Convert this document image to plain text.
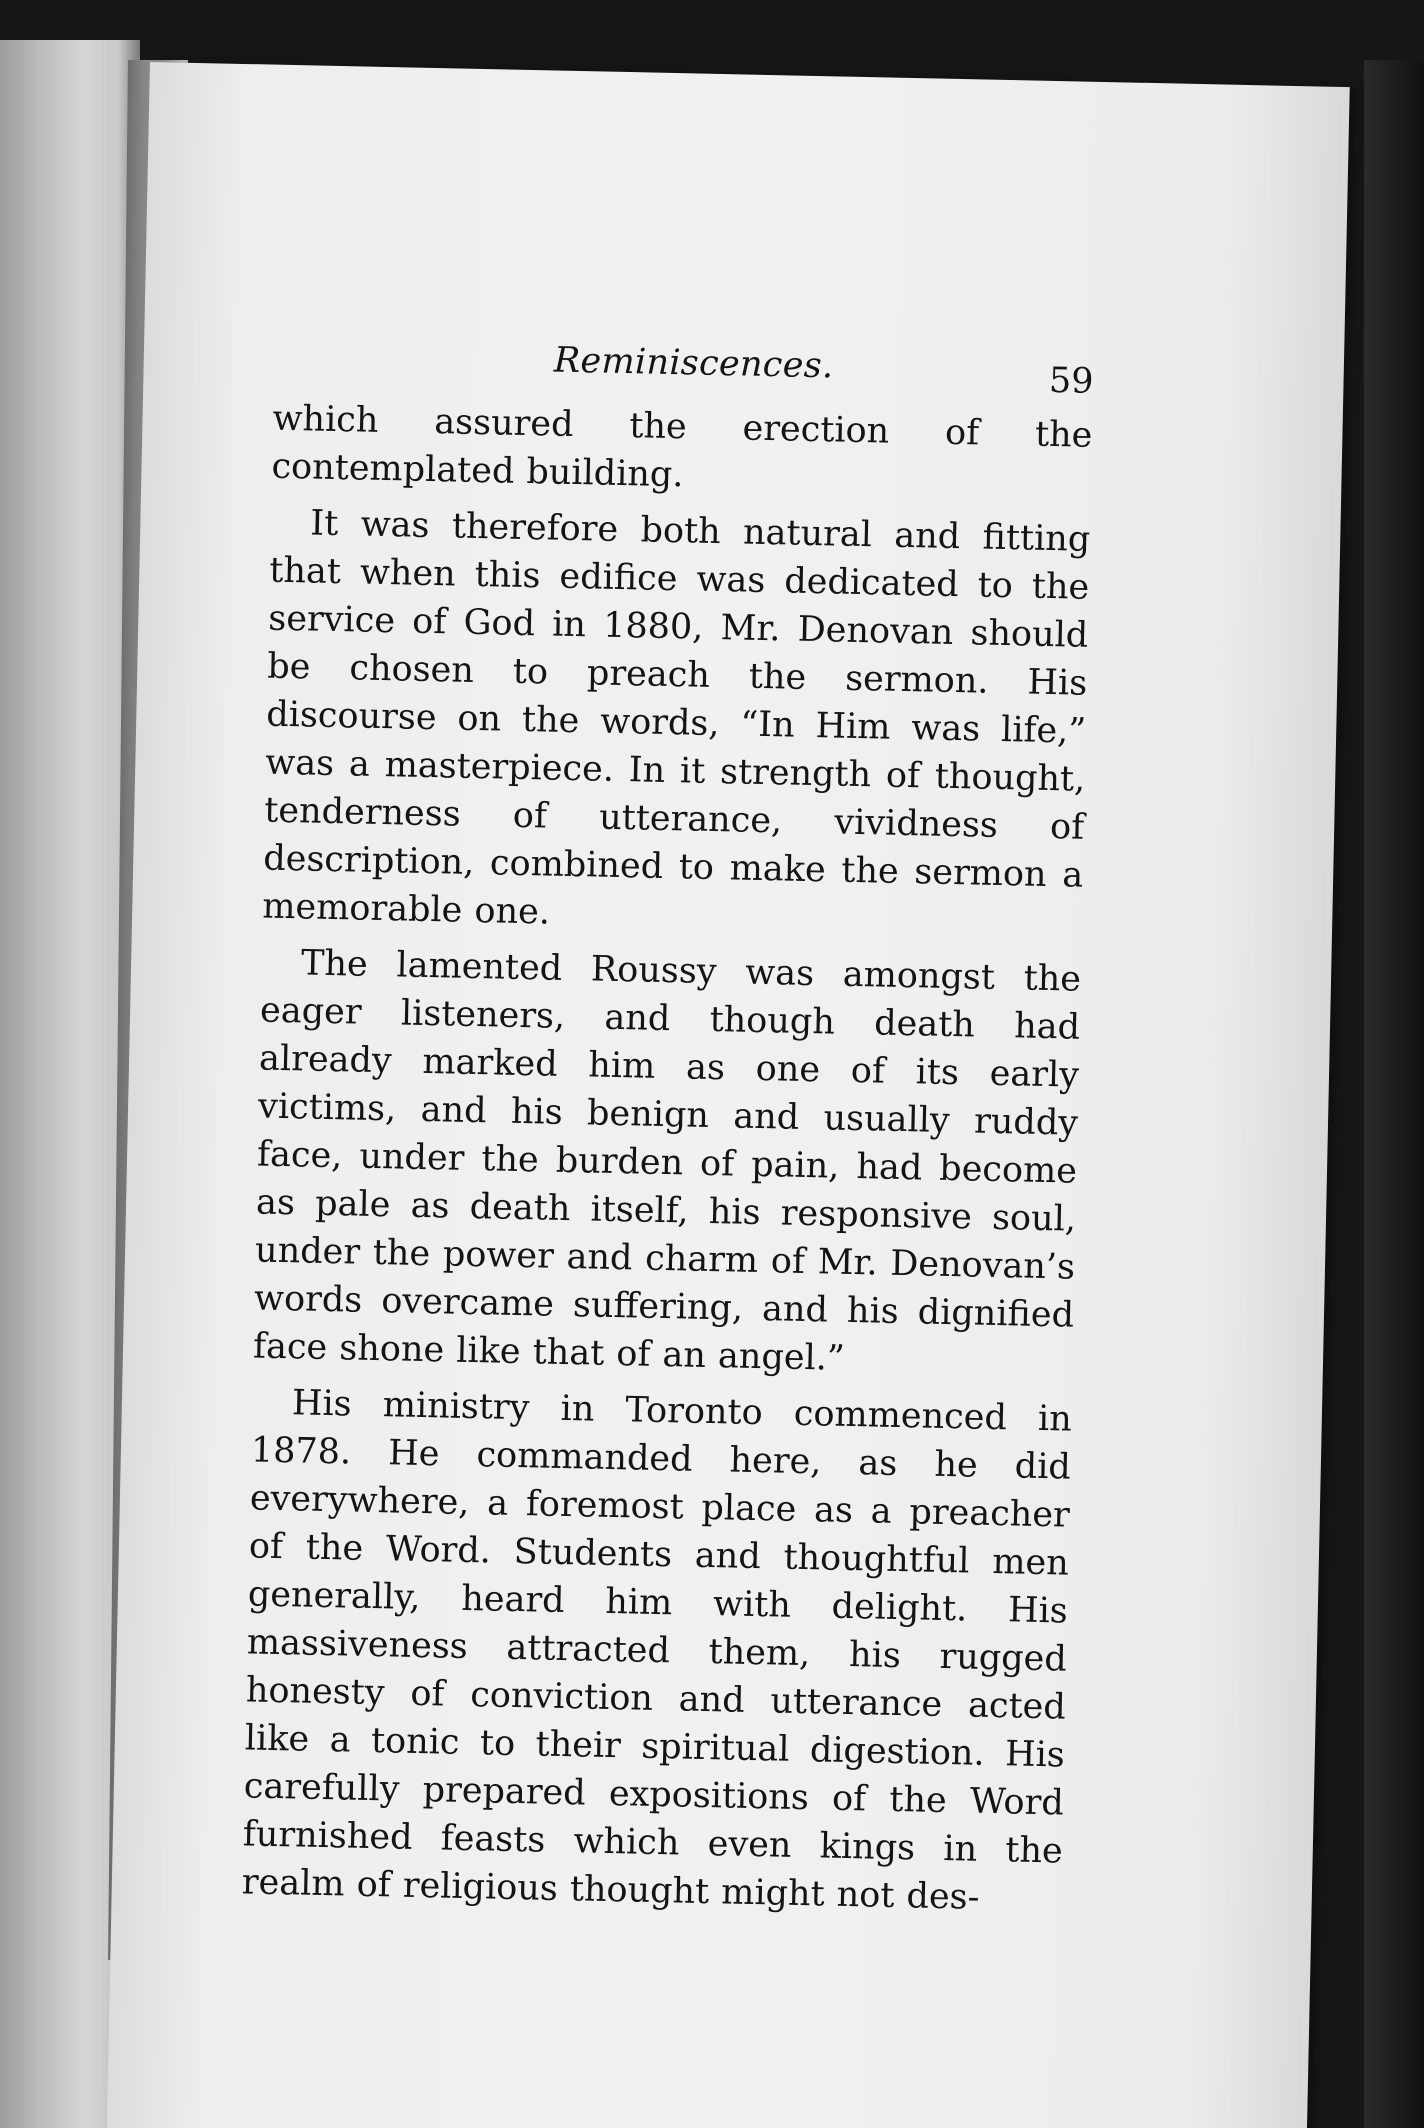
Reminiscences.	59

which assured the erection of the contemplated building.

It was therefore both natural and fitting that when this edifice was dedicated to the service of God in 1880, Mr. Denovan should be chosen to preach the sermon. His discourse on the words, “In Him was life,” was a masterpiece. In it strength of thought, tenderness of utterance, vividness of description, combined to make the sermon a memorable one.

The lamented Roussy was amongst the eager listeners, and though death had already marked him as one of its early victims, and his benign and usually ruddy face, under the burden of pain, had become as pale as death itself, his responsive soul, under the power and charm of Mr. Denovan’s words overcame suffering, and his dignified face shone like that of an angel.”

His ministry in Toronto commenced in 1878. He commanded here, as he did everywhere, a foremost place as a preacher of the Word. Students and thoughtful men generally, heard him with delight. His massiveness attracted them, his rugged honesty of conviction and utterance acted like a tonic to their spiritual digestion. His carefully prepared expositions of the Word furnished feasts which even kings in the realm of religious thought might not des-
